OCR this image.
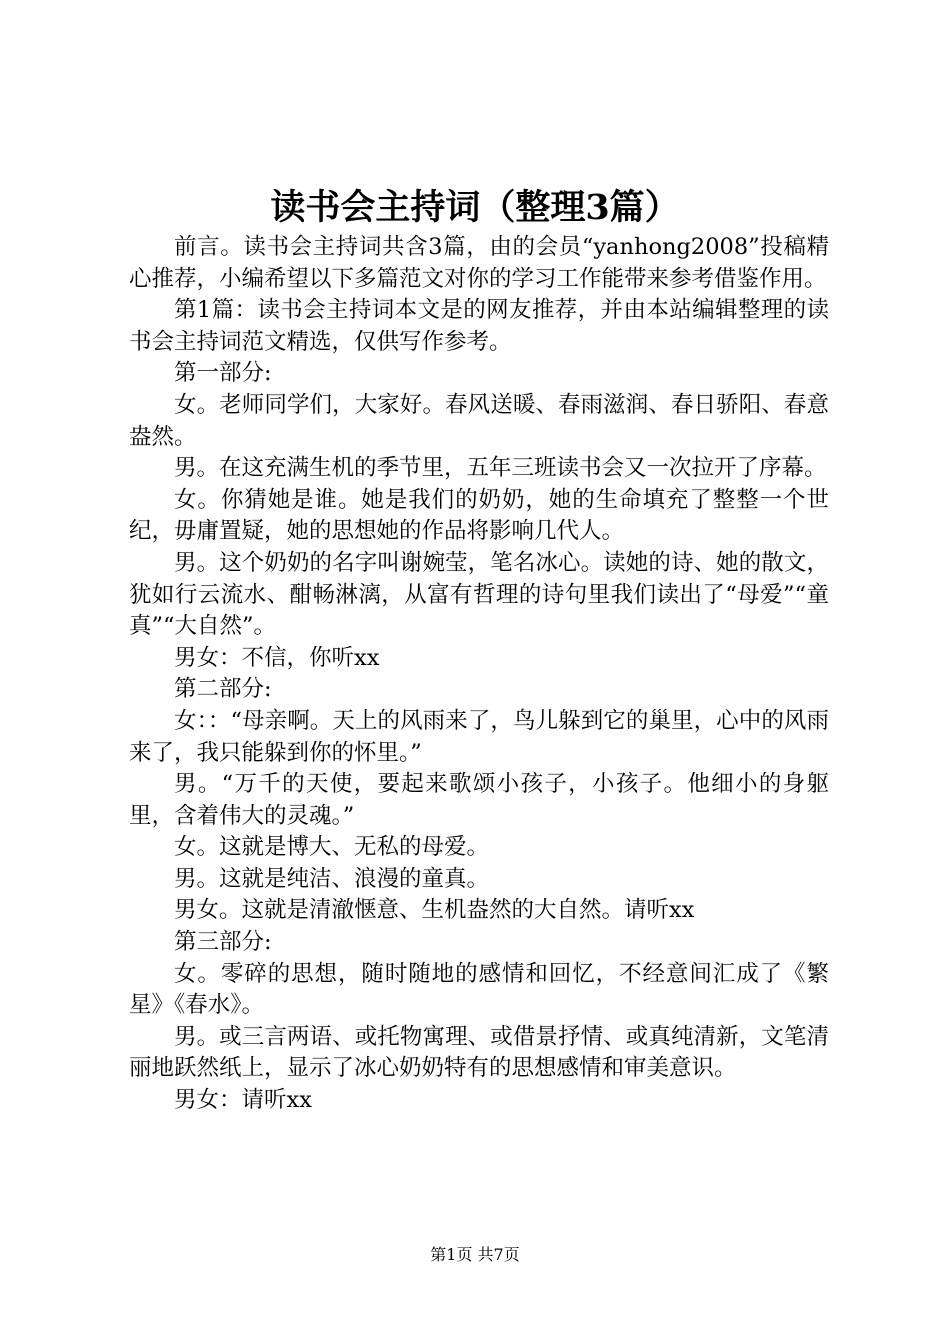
读书会主持词（整理3篇）

前言。读书会主持词共含3篇，由的会员“yanhong2008”投稿精心推荐，小编希望以下多篇范文对你的学习工作能带来参考借鉴作用。

第1篇：读书会主持词本文是的网友推荐，并由本站编辑整理的读书会主持词范文精选，仅供写作参考。

第一部分:

女。老师同学们，大家好。春风送暖、春雨滋润、春日骄阳、春意盎然。

男。在这充满生机的季节里，五年三班读书会又一次拉开了序幕。

女。你猜她是谁。她是我们的奶奶，她的生命填充了整整一个世纪，毋庸置疑，她的思想她的作品将影响几代人。

男。这个奶奶的名字叫谢婉莹，笔名冰心。读她的诗、她的散文，犹如行云流水、酣畅淋漓，从富有哲理的诗句里我们读出了“母爱”“童真”“大自然”。

男女：不信，你听xx

第二部分:

女：：“母亲啊。天上的风雨来了，鸟儿躲到它的巢里，心中的风雨来了，我只能躲到你的怀里。”

男。“万千的天使，要起来歌颂小孩子，小孩子。他细小的身躯里，含着伟大的灵魂。”

女。这就是博大、无私的母爱。

男。这就是纯洁、浪漫的童真。

男女。这就是清澈惬意、生机盎然的大自然。请听xx

第三部分:

女。零碎的思想，随时随地的感情和回忆，不经意间汇成了《繁星》《春水》。

男。或三言两语、或托物寓理、或借景抒情、或真纯清新，文笔清丽地跃然纸上，显示了冰心奶奶特有的思想感情和审美意识。

男女：请听xx

第1页 共7页
